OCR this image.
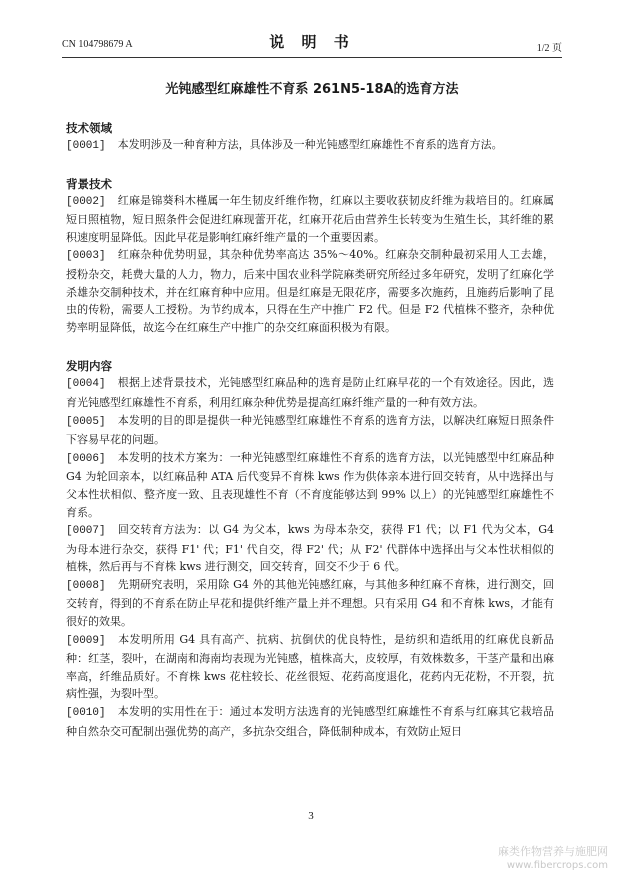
CN 104798679 A	说 明 书	1/2 页
光钝感型红麻雄性不育系 261N5-18A的选育方法
技术领域
[0001] 本发明涉及一种育种方法，具体涉及一种光钝感型红麻雄性不育系的选育方法。
背景技术
[0002] 红麻是锦葵科木槿属一年生韧皮纤维作物，红麻以主要收获韧皮纤维为栽培目的。红麻属短日照植物，短日照条件会促进红麻现蕾开花，红麻开花后由营养生长转变为生殖生长，其纤维的累积速度明显降低。因此早花是影响红麻纤维产量的一个重要因素。
[0003] 红麻杂种优势明显，其杂种优势率高达 35%～40%。红麻杂交制种最初采用人工去雄，授粉杂交，耗费大量的人力，物力，后来中国农业科学院麻类研究所经过多年研究，发明了红麻化学杀雄杂交制种技术，并在红麻育种中应用。但是红麻是无限花序，需要多次施药，且施药后影响了昆虫的传粉，需要人工授粉。为节约成本，只得在生产中推广 F2 代。但是 F2 代植株不整齐，杂种优势率明显降低，故迄今在红麻生产中推广的杂交红麻面积极为有限。
发明内容
[0004] 根据上述背景技术，光钝感型红麻品种的选育是防止红麻早花的一个有效途径。因此，选育光钝感型红麻雄性不育系，利用红麻杂种优势是提高红麻纤维产量的一种有效方法。
[0005] 本发明的目的即是提供一种光钝感型红麻雄性不育系的选育方法，以解决红麻短日照条件下容易早花的问题。
[0006] 本发明的技术方案为：一种光钝感型红麻雄性不育系的选育方法，以光钝感型中红麻品种 G4 为轮回亲本，以红麻品种 ATA 后代变异不育株 kws 作为供体亲本进行回交转育，从中选择出与父本性状相似、整齐度一致、且表现雄性不育（不育度能够达到 99% 以上）的光钝感型红麻雄性不育系。
[0007] 回交转育方法为：以 G4 为父本，kws 为母本杂交，获得 F1 代；以 F1 代为父本，G4 为母本进行杂交，获得 F1' 代；F1' 代自交，得 F2' 代；从 F2' 代群体中选择出与父本性状相似的植株，然后再与不育株 kws 进行测交，回交转育，回交不少于 6 代。
[0008] 先期研究表明，采用除 G4 外的其他光钝感红麻，与其他多种红麻不育株，进行测交，回交转育，得到的不育系在防止早花和提供纤维产量上并不理想。只有采用 G4 和不育株 kws，才能有很好的效果。
[0009] 本发明所用 G4 具有高产、抗病、抗倒伏的优良特性，是纺织和造纸用的红麻优良新品种：红茎，裂叶，在湖南和海南均表现为光钝感，植株高大，皮较厚，有效株数多，干茎产量和出麻率高，纤维品质好。不育株 kws 花柱较长、花丝很短、花药高度退化，花药内无花粉，不开裂，抗病性强，为裂叶型。
[0010] 本发明的实用性在于：通过本发明方法选育的光钝感型红麻雄性不育系与红麻其它栽培品种自然杂交可配制出强优势的高产，多抗杂交组合，降低制种成本，有效防止短日
3
麻类作物营养与施肥网
www.fibercrops.com
